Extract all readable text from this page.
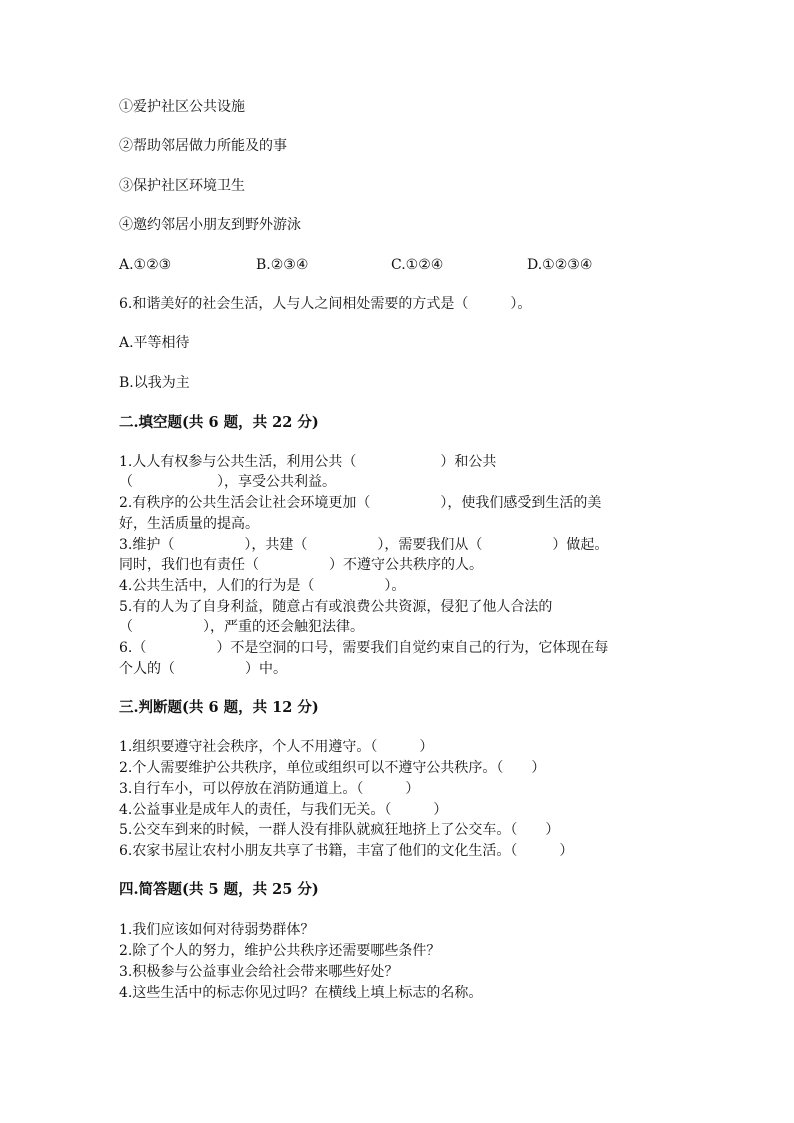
①爱护社区公共设施
②帮助邻居做力所能及的事
③保护社区环境卫生
④邀约邻居小朋友到野外游泳
A.①②③	B.②③④	C.①②④	D.①②③④
6.和谐美好的社会生活，人与人之间相处需要的方式是（　　　）。
A.平等相待
B.以我为主
二.填空题(共 6 题，共 22 分)
1.人人有权参与公共生活，利用公共（　　　　　　）和公共
（　　　　　　），享受公共利益。
2.有秩序的公共生活会让社会环境更加（　　　　　），使我们感受到生活的美
好，生活质量的提高。
3.维护（　　　　　），共建（　　　　　），需要我们从（　　　　　）做起。
同时，我们也有责任（　　　　　）不遵守公共秩序的人。
4.公共生活中，人们的行为是（　　　　　）。
5.有的人为了自身利益，随意占有或浪费公共资源，侵犯了他人合法的
（　　　　　），严重的还会触犯法律。
6.（　　　　　）不是空洞的口号，需要我们自觉约束自己的行为，它体现在每
个人的（　　　　　）中。
三.判断题(共 6 题，共 12 分)
1.组织要遵守社会秩序，个人不用遵守。（　　　）
2.个人需要维护公共秩序，单位或组织可以不遵守公共秩序。（　　）
3.自行车小，可以停放在消防通道上。（　　　）
4.公益事业是成年人的责任，与我们无关。（　　　）
5.公交车到来的时候，一群人没有排队就疯狂地挤上了公交车。（　　）
6.农家书屋让农村小朋友共享了书籍，丰富了他们的文化生活。（　　　）
四.简答题(共 5 题，共 25 分)
1.我们应该如何对待弱势群体？
2.除了个人的努力，维护公共秩序还需要哪些条件？
3.积极参与公益事业会给社会带来哪些好处？
4.这些生活中的标志你见过吗？在横线上填上标志的名称。
